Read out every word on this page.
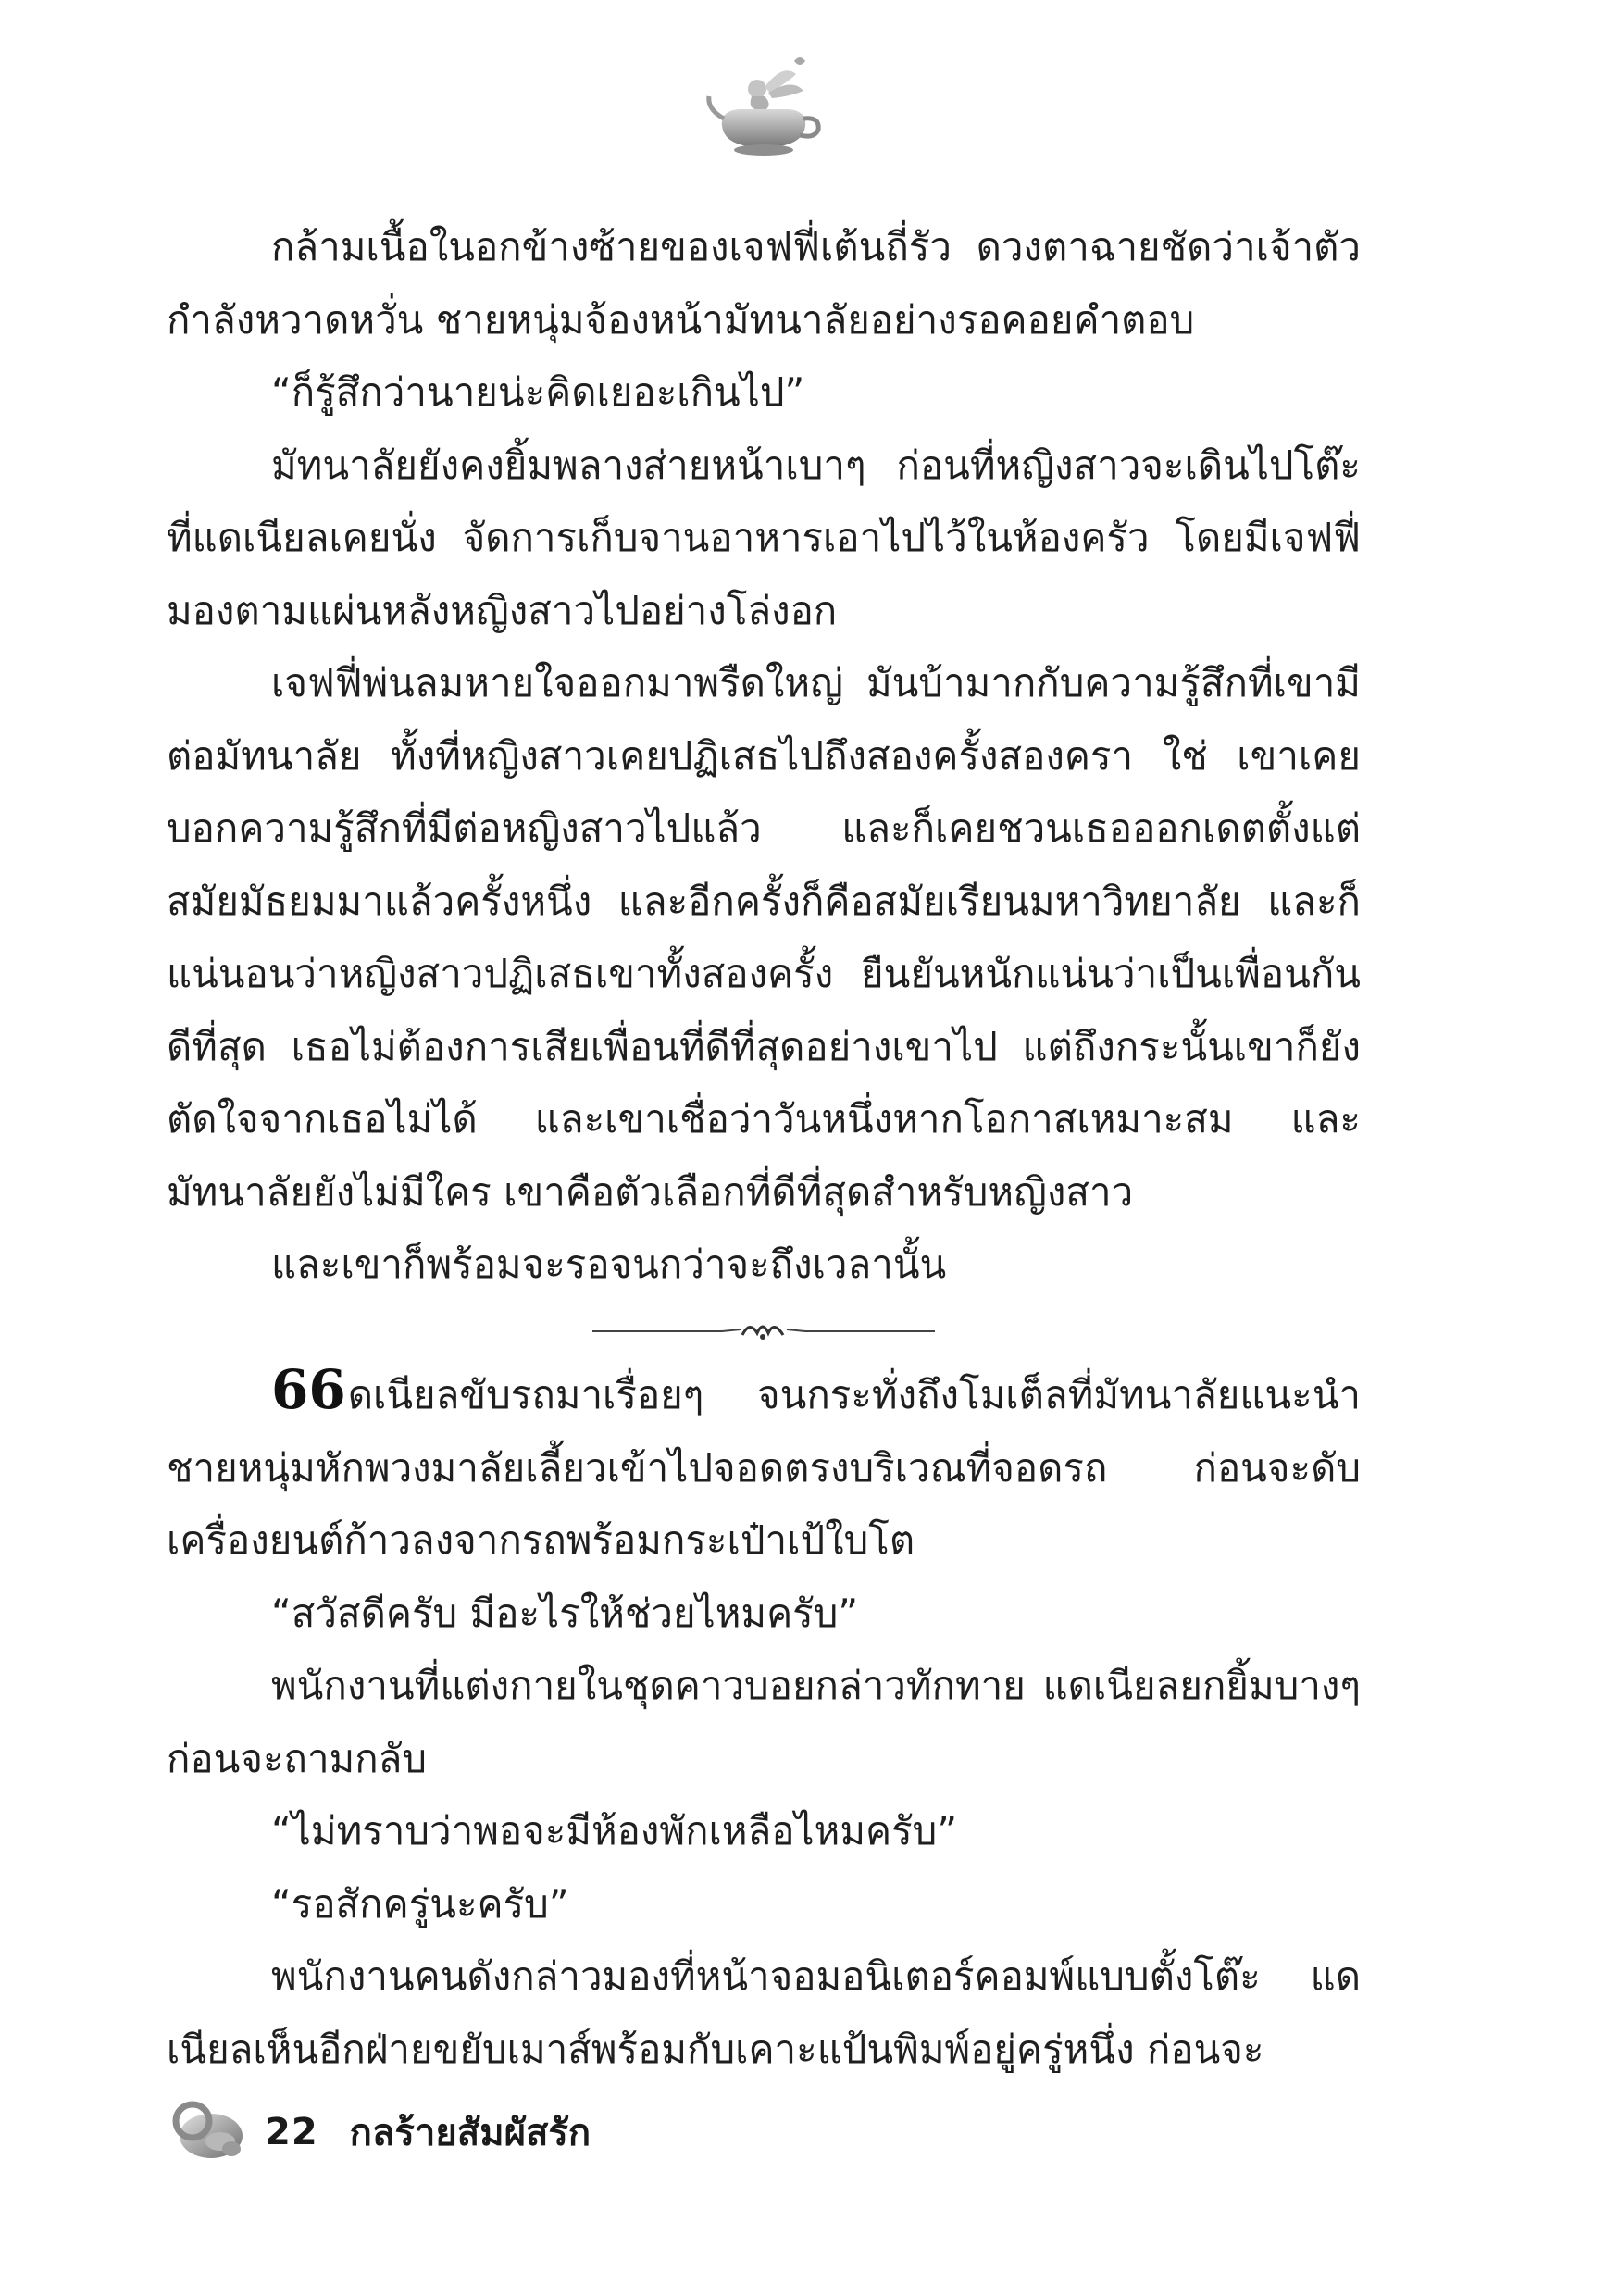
กล้ามเนื้อในอกข้างซ้ายของเจฟฟี่เต้นถี่รัว ดวงตาฉายชัดว่าเจ้าตัวกำลังหวาดหวั่น ชายหนุ่มจ้องหน้ามัทนาลัยอย่างรอคอยคำตอบ

“ก็รู้สึกว่านายน่ะคิดเยอะเกินไป”

มัทนาลัยยังคงยิ้มพลางส่ายหน้าเบาๆ ก่อนที่หญิงสาวจะเดินไปโต๊ะที่แดเนียลเคยนั่ง จัดการเก็บจานอาหารเอาไปไว้ในห้องครัว โดยมีเจฟฟี่มองตามแผ่นหลังหญิงสาวไปอย่างโล่งอก

เจฟฟี่พ่นลมหายใจออกมาพรืดใหญ่ มันบ้ามากกับความรู้สึกที่เขามีต่อมัทนาลัย ทั้งที่หญิงสาวเคยปฏิเสธไปถึงสองครั้งสองครา ใช่ เขาเคยบอกความรู้สึกที่มีต่อหญิงสาวไปแล้ว และก็เคยชวนเธอออกเดตตั้งแต่สมัยมัธยมมาแล้วครั้งหนึ่ง และอีกครั้งก็คือสมัยเรียนมหาวิทยาลัย และก็แน่นอนว่าหญิงสาวปฏิเสธเขาทั้งสองครั้ง ยืนยันหนักแน่นว่าเป็นเพื่อนกันดีที่สุด เธอไม่ต้องการเสียเพื่อนที่ดีที่สุดอย่างเขาไป แต่ถึงกระนั้นเขาก็ยังตัดใจจากเธอไม่ได้ และเขาเชื่อว่าวันหนึ่งหากโอกาสเหมาะสม และมัทนาลัยยังไม่มีใคร เขาคือตัวเลือกที่ดีที่สุดสำหรับหญิงสาว

และเขาก็พร้อมจะรอจนกว่าจะถึงเวลานั้น

66ดเนียลขับรถมาเรื่อยๆ จนกระทั่งถึงโมเต็ลที่มัทนาลัยแนะนำ ชายหนุ่มหักพวงมาลัยเลี้ยวเข้าไปจอดตรงบริเวณที่จอดรถ ก่อนจะดับเครื่องยนต์ก้าวลงจากรถพร้อมกระเป๋าเป้ใบโต

“สวัสดีครับ มีอะไรให้ช่วยไหมครับ”

พนักงานที่แต่งกายในชุดคาวบอยกล่าวทักทาย แดเนียลยกยิ้มบางๆ ก่อนจะถามกลับ

“ไม่ทราบว่าพอจะมีห้องพักเหลือไหมครับ”

“รอสักครู่นะครับ”

พนักงานคนดังกล่าวมองที่หน้าจอมอนิเตอร์คอมพ์แบบตั้งโต๊ะ แดเนียลเห็นอีกฝ่ายขยับเมาส์พร้อมกับเคาะแป้นพิมพ์อยู่ครู่หนึ่ง ก่อนจะ

22 กลร้ายสัมผัสรัก
